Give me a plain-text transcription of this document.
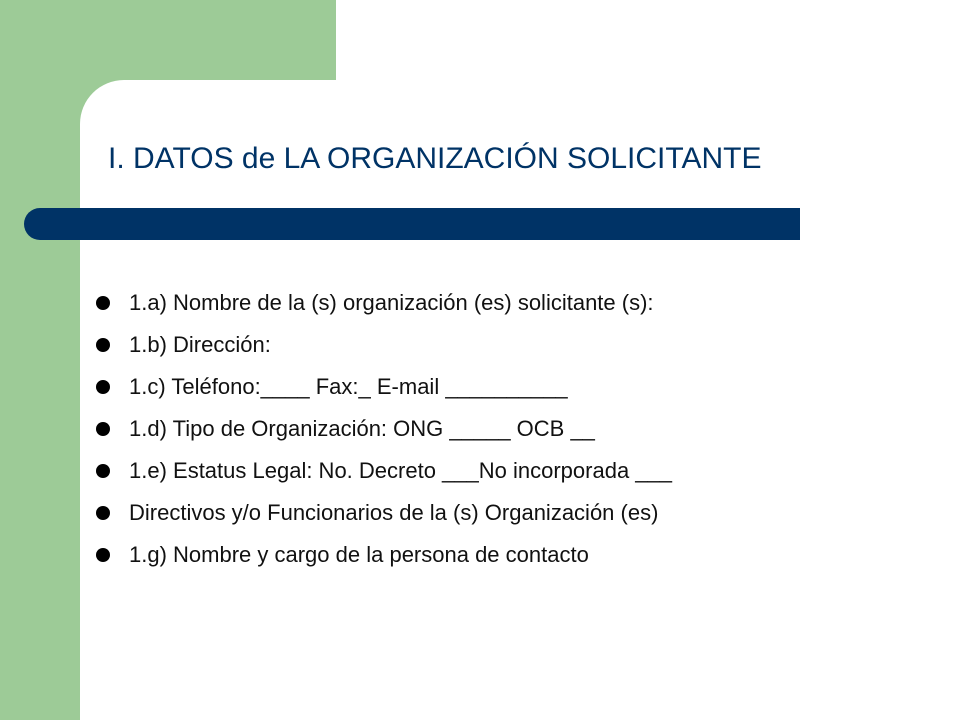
I. DATOS de LA ORGANIZACIÓN SOLICITANTE
1.a) Nombre de la (s) organización (es) solicitante (s):
1.b) Dirección:
1.c) Teléfono:____ Fax:_ E-mail __________
1.d) Tipo de Organización: ONG _____ OCB __
1.e) Estatus Legal: No. Decreto ___No incorporada ___
Directivos y/o Funcionarios de la (s) Organización (es)
1.g) Nombre y cargo de la persona de contacto
